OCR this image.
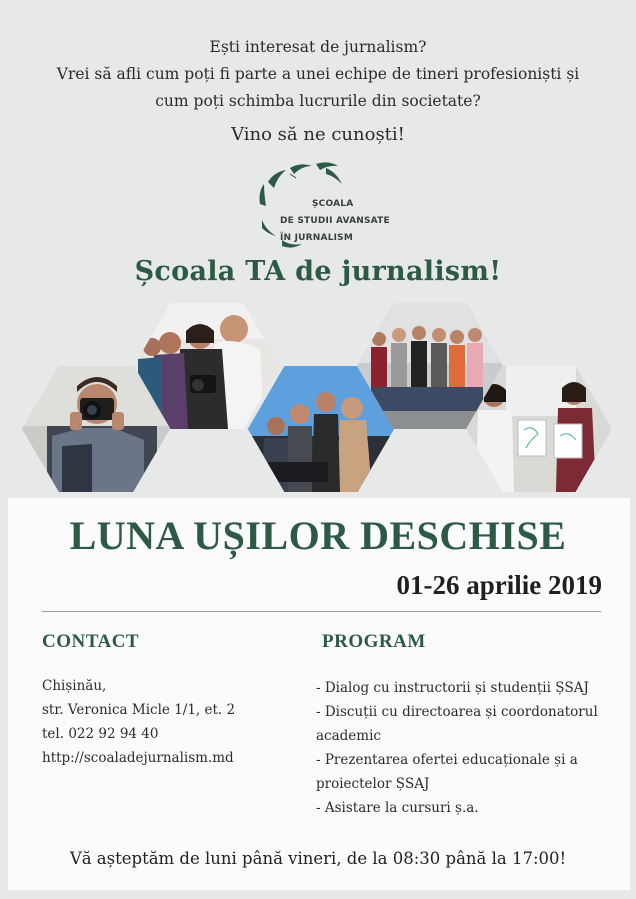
Ești interesat de jurnalism?
Vrei să afli cum poți fi parte a unei echipe de tineri profesioniști și
cum poți schimba lucrurile din societate?
Vino să ne cunoști!
ȘCOALA
DE STUDII AVANSATE
ÎN JURNALISM
Școala TA de jurnalism!
LUNA UȘILOR DESCHISE
01-26 aprilie 2019
CONTACT	PROGRAM
Chișinău,
str. Veronica Micle 1/1, et. 2
tel. 022 92 94 40
http://scoaladejurnalism.md
- Dialog cu instructorii și studenții ȘSAJ
- Discuții cu directoarea și coordonatorul
academic
- Prezentarea ofertei educaționale și a
proiectelor ȘSAJ
- Asistare la cursuri ș.a.
Vă așteptăm de luni până vineri, de la 08:30 până la 17:00!
